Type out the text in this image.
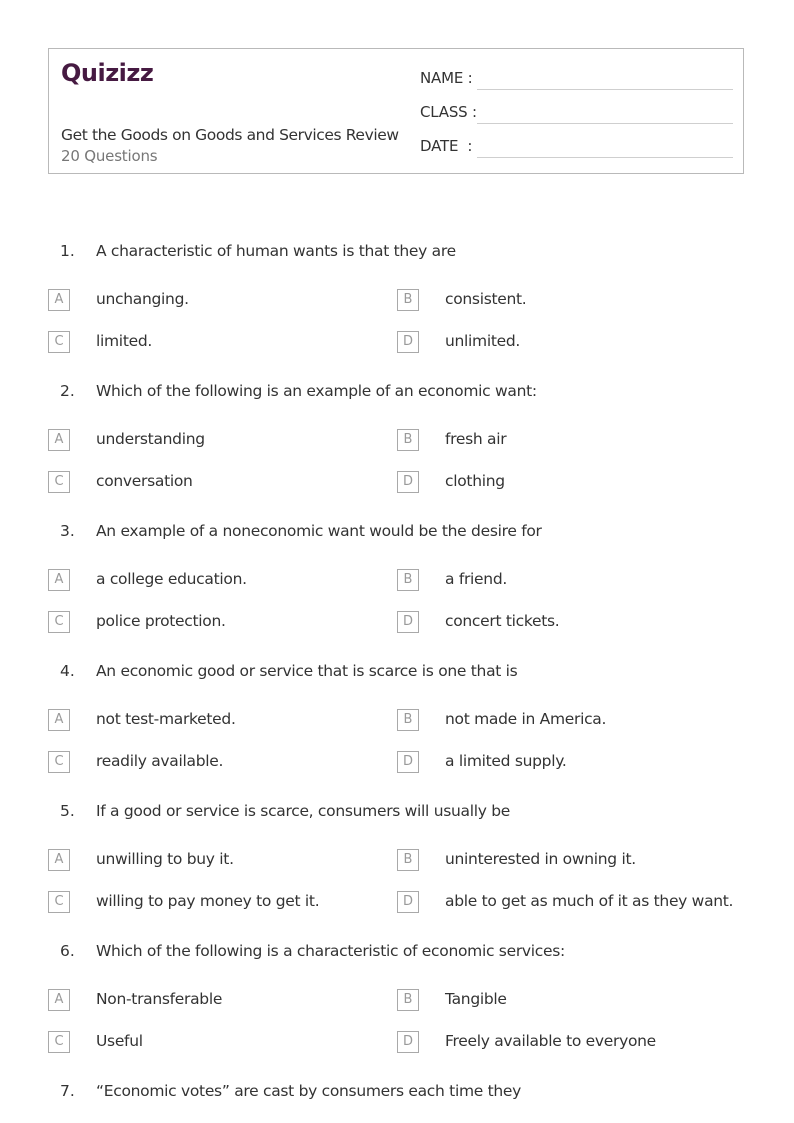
Quizizz
Get the Goods on Goods and Services Review
20 Questions
NAME :
CLASS :
DATE  :
1. A characteristic of human wants is that they are
A	unchanging.	B	consistent.
C	limited.	D	unlimited.
2. Which of the following is an example of an economic want:
A	understanding	B	fresh air
C	conversation	D	clothing
3. An example of a noneconomic want would be the desire for
A	a college education.	B	a friend.
C	police protection.	D	concert tickets.
4. An economic good or service that is scarce is one that is
A	not test-marketed.	B	not made in America.
C	readily available.	D	a limited supply.
5. If a good or service is scarce, consumers will usually be
A	unwilling to buy it.	B	uninterested in owning it.
C	willing to pay money to get it.	D	able to get as much of it as they want.
6. Which of the following is a characteristic of economic services:
A	Non-transferable	B	Tangible
C	Useful	D	Freely available to everyone
7. “Economic votes” are cast by consumers each time they
